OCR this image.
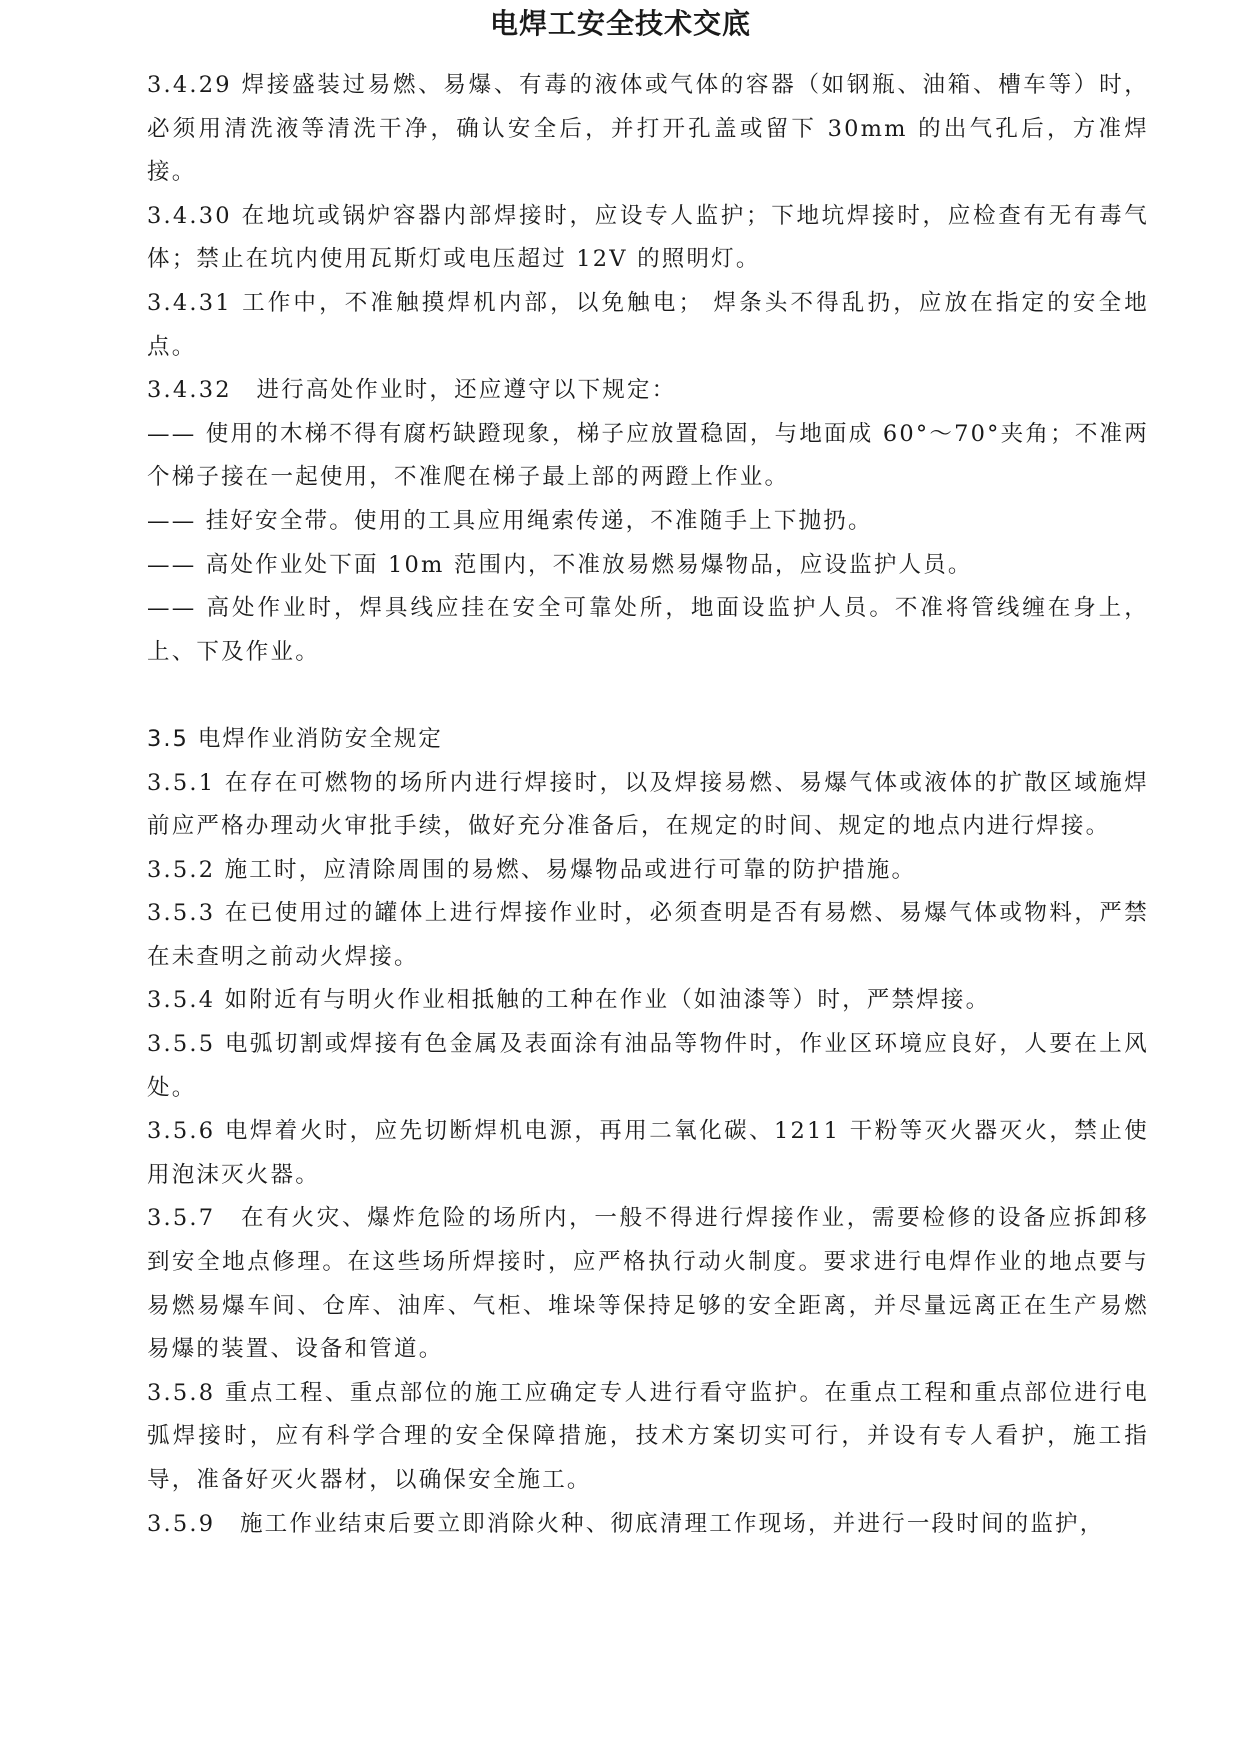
电焊工安全技术交底

3.4.29 焊接盛装过易燃、易爆、有毒的液体或气体的容器（如钢瓶、油箱、槽车等）时，必须用清洗液等清洗干净，确认安全后，并打开孔盖或留下 30mm 的出气孔后，方准焊接。

3.4.30 在地坑或锅炉容器内部焊接时，应设专人监护；下地坑焊接时，应检查有无有毒气体；禁止在坑内使用瓦斯灯或电压超过 12V 的照明灯。

3.4.31 工作中，不准触摸焊机内部，以免触电； 焊条头不得乱扔，应放在指定的安全地点。

3.4.32　进行高处作业时，还应遵守以下规定：

—— 使用的木梯不得有腐朽缺蹬现象，梯子应放置稳固，与地面成 60°～70°夹角；不准两个梯子接在一起使用，不准爬在梯子最上部的两蹬上作业。

—— 挂好安全带。使用的工具应用绳索传递，不准随手上下抛扔。

—— 高处作业处下面 10m 范围内，不准放易燃易爆物品，应设监护人员。

—— 高处作业时，焊具线应挂在安全可靠处所，地面设监护人员。不准将管线缠在身上，上、下及作业。

3.5 电焊作业消防安全规定

3.5.1 在存在可燃物的场所内进行焊接时，以及焊接易燃、易爆气体或液体的扩散区域施焊前应严格办理动火审批手续，做好充分准备后，在规定的时间、规定的地点内进行焊接。

3.5.2 施工时，应清除周围的易燃、易爆物品或进行可靠的防护措施。

3.5.3 在已使用过的罐体上进行焊接作业时，必须查明是否有易燃、易爆气体或物料，严禁在未查明之前动火焊接。

3.5.4 如附近有与明火作业相抵触的工种在作业（如油漆等）时，严禁焊接。

3.5.5 电弧切割或焊接有色金属及表面涂有油品等物件时，作业区环境应良好，人要在上风处。

3.5.6 电焊着火时，应先切断焊机电源，再用二氧化碳、1211 干粉等灭火器灭火，禁止使用泡沫灭火器。

3.5.7　在有火灾、爆炸危险的场所内，一般不得进行焊接作业，需要检修的设备应拆卸移到安全地点修理。在这些场所焊接时，应严格执行动火制度。要求进行电焊作业的地点要与易燃易爆车间、仓库、油库、气柜、堆垛等保持足够的安全距离，并尽量远离正在生产易燃易爆的装置、设备和管道。

3.5.8 重点工程、重点部位的施工应确定专人进行看守监护。在重点工程和重点部位进行电弧焊接时，应有科学合理的安全保障措施，技术方案切实可行，并设有专人看护，施工指导，准备好灭火器材，以确保安全施工。

3.5.9　施工作业结束后要立即消除火种、彻底清理工作现场，并进行一段时间的监护，
